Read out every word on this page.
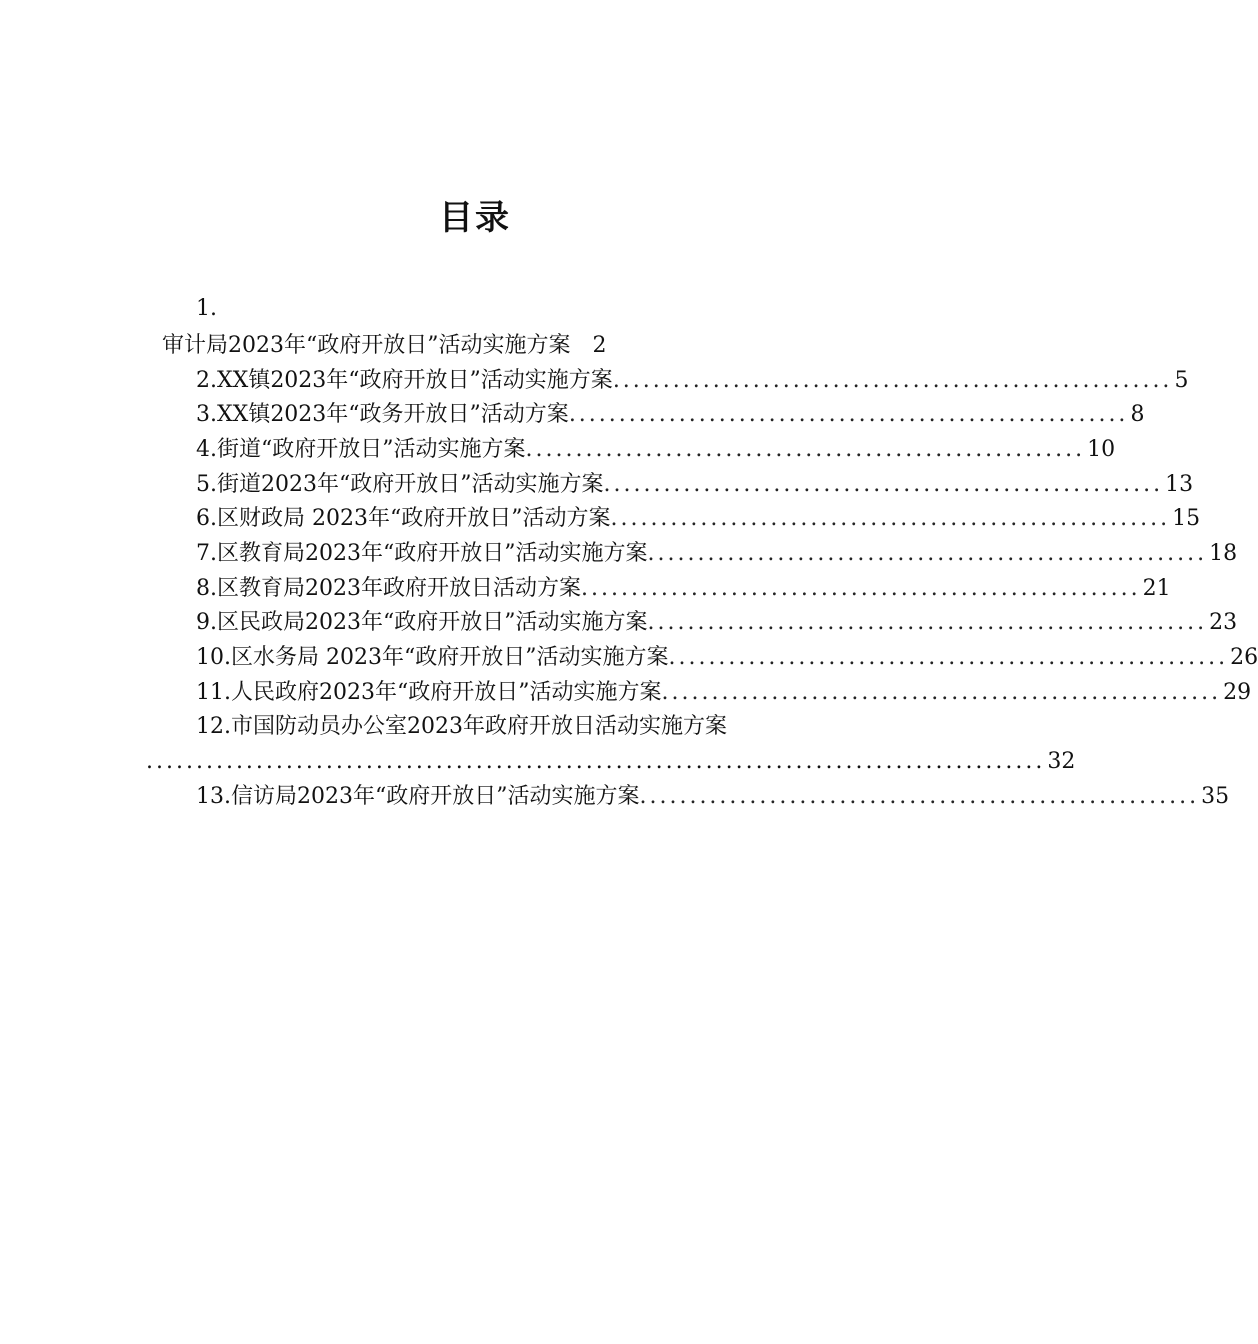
目录
1.
审计局2023年“政府开放日”活动实施方案 2
2.XX镇2023年“政府开放日”活动实施方案 ........................................................ 5
3.XX镇2023年“政务开放日”活动方案 ........................................................ 8
4.街道“政府开放日”活动实施方案 ........................................................ 10
5.街道2023年“政府开放日”活动实施方案 ........................................................ 13
6.区财政局 2023年“政府开放日”活动方案 ........................................................ 15
7.区教育局2023年“政府开放日”活动实施方案 ........................................................ 18
8.区教育局2023年政府开放日活动方案 ........................................................ 21
9.区民政局2023年“政府开放日”活动实施方案 ........................................................ 23
10.区水务局 2023年“政府开放日”活动实施方案 ........................................................ 26
11.人民政府2023年“政府开放日”活动实施方案 ........................................................ 29
12.市国防动员办公室2023年政府开放日活动实施方案
.......................................................................................... 32
13.信访局2023年“政府开放日”活动实施方案 ........................................................ 35
